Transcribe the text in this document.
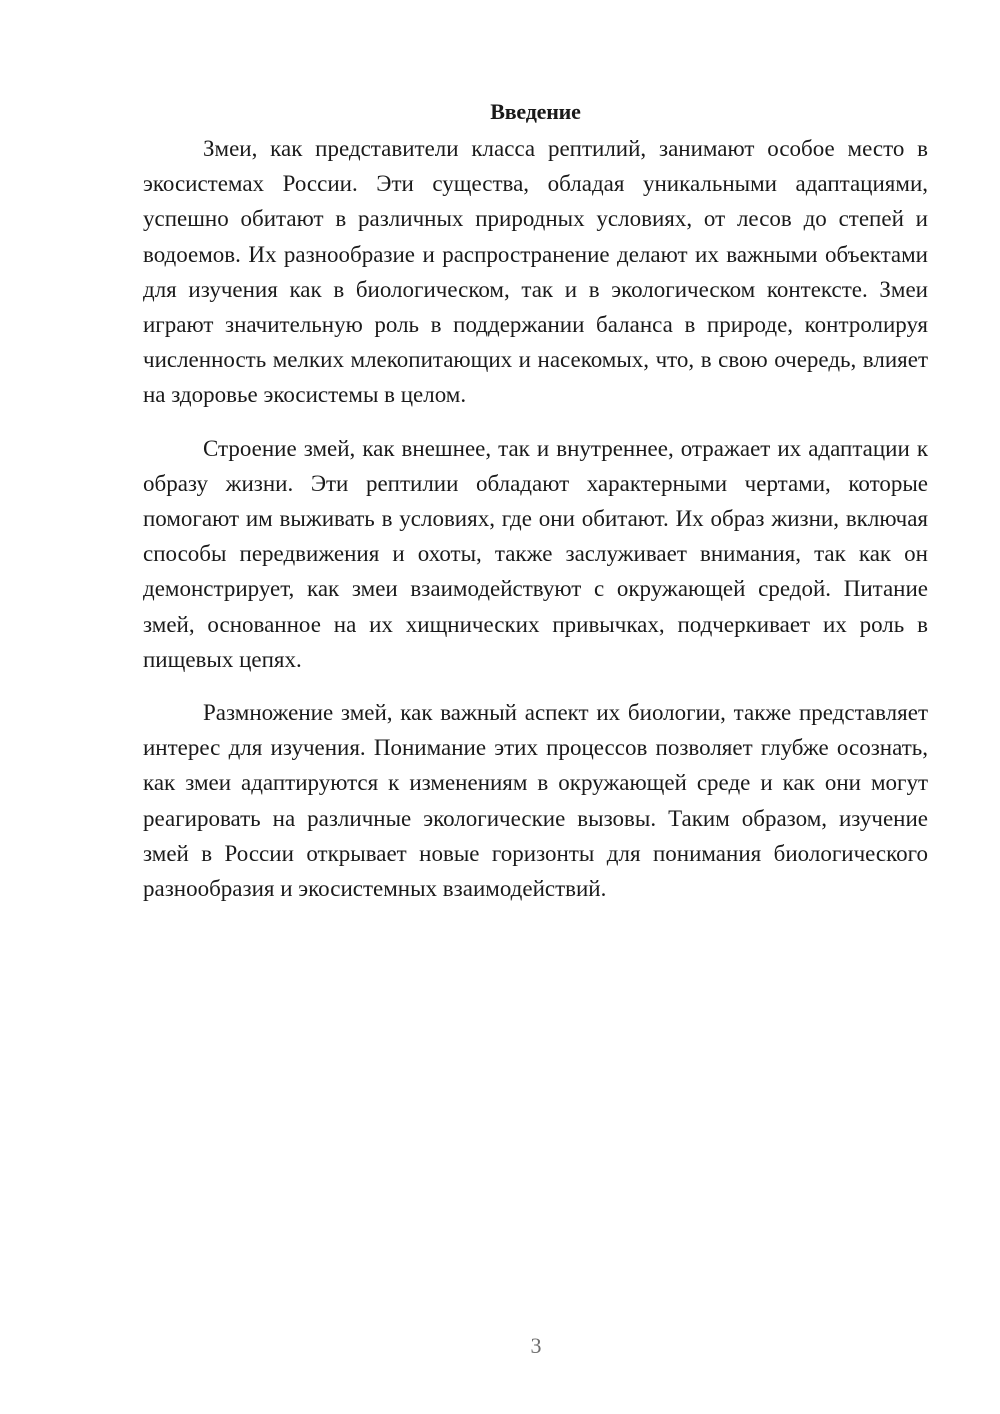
Введение

Змеи, как представители класса рептилий, занимают особое место в экосистемах России. Эти существа, обладая уникальными адаптациями, успешно обитают в различных природных условиях, от лесов до степей и водоемов. Их разнообразие и распространение делают их важными объектами для изучения как в биологическом, так и в экологическом контексте. Змеи играют значительную роль в поддержании баланса в природе, контролируя численность мелких млекопитающих и насекомых, что, в свою очередь, влияет на здоровье экосистемы в целом.

Строение змей, как внешнее, так и внутреннее, отражает их адаптации к образу жизни. Эти рептилии обладают характерными чертами, которые помогают им выживать в условиях, где они обитают. Их образ жизни, включая способы передвижения и охоты, также заслуживает внимания, так как он демонстрирует, как змеи взаимодействуют с окружающей средой. Питание змей, основанное на их хищнических привычках, подчеркивает их роль в пищевых цепях.

Размножение змей, как важный аспект их биологии, также представляет интерес для изучения. Понимание этих процессов позволяет глубже осознать, как змеи адаптируются к изменениям в окружающей среде и как они могут реагировать на различные экологические вызовы. Таким образом, изучение змей в России открывает новые горизонты для понимания биологического разнообразия и экосистемных взаимодействий.

3
